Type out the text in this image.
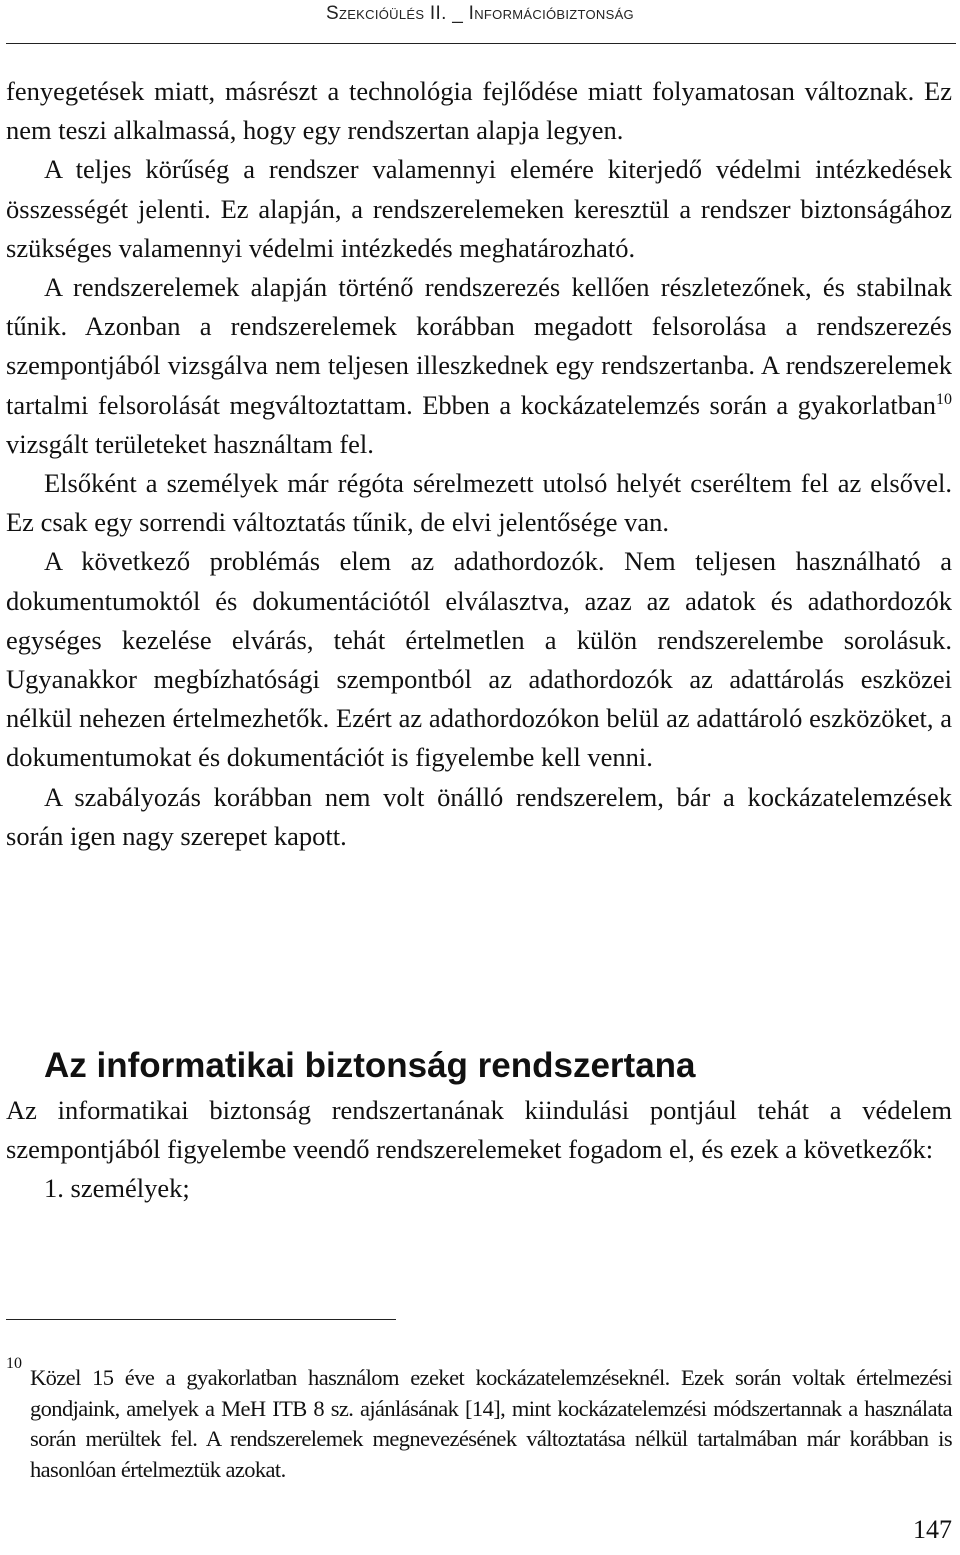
Szekcióülés II. _ Információbiztonság

fenyegetések miatt, másrészt a technológia fejlődése miatt folyamatosan változnak. Ez nem teszi alkalmassá, hogy egy rendszertan alapja legyen.

A teljes körűség a rendszer valamennyi elemére kiterjedő védelmi intézkedések összességét jelenti. Ez alapján, a rendszerelemeken keresztül a rendszer biztonságához szükséges valamennyi védelmi intézkedés meghatározható.

A rendszerelemek alapján történő rendszerezés kellően részletezőnek, és stabilnak tűnik. Azonban a rendszerelemek korábban megadott felsorolása a rendszerezés szempontjából vizsgálva nem teljesen illeszkednek egy rendszertanba. A rendszerelemek tartalmi felsorolását megváltoztattam. Ebben a kockázatelemzés során a gyakorlatban$^{10}$ vizsgált területeket használtam fel.

Elsőként a személyek már régóta sérelmezett utolsó helyét cseréltem fel az elsővel. Ez csak egy sorrendi változtatás tűnik, de elvi jelentősége van.

A következő problémás elem az adathordozók. Nem teljesen használható a dokumentumoktól és dokumentációtól elválasztva, azaz az adatok és adathordozók egységes kezelése elvárás, tehát értelmetlen a külön rendszerelembe sorolásuk. Ugyanakkor megbízhatósági szempontból az adathordozók az adattárolás eszközei nélkül nehezen értelmezhetők. Ezért az adathordozókon belül az adattároló eszközöket, a dokumentumokat és dokumentációt is figyelembe kell venni.

A szabályozás korábban nem volt önálló rendszerelem, bár a kockázatelemzések során igen nagy szerepet kapott.

Az informatikai biztonság rendszertana

Az informatikai biztonság rendszertanának kiindulási pontjául tehát a védelem szempontjából figyelembe veendő rendszerelemeket fogadom el, és ezek a következők:

1. személyek;

10

Közel 15 éve a gyakorlatban használom ezeket kockázatelemzéseknél. Ezek során voltak értelmezési gondjaink, amelyek a MeH ITB 8 sz. ajánlásának [14], mint kockázatelemzési módszertannak a használata során merültek fel. A rendszerelemek megnevezésének változtatása nélkül tartalmában már korábban is hasonlóan értelmeztük azokat.

147
